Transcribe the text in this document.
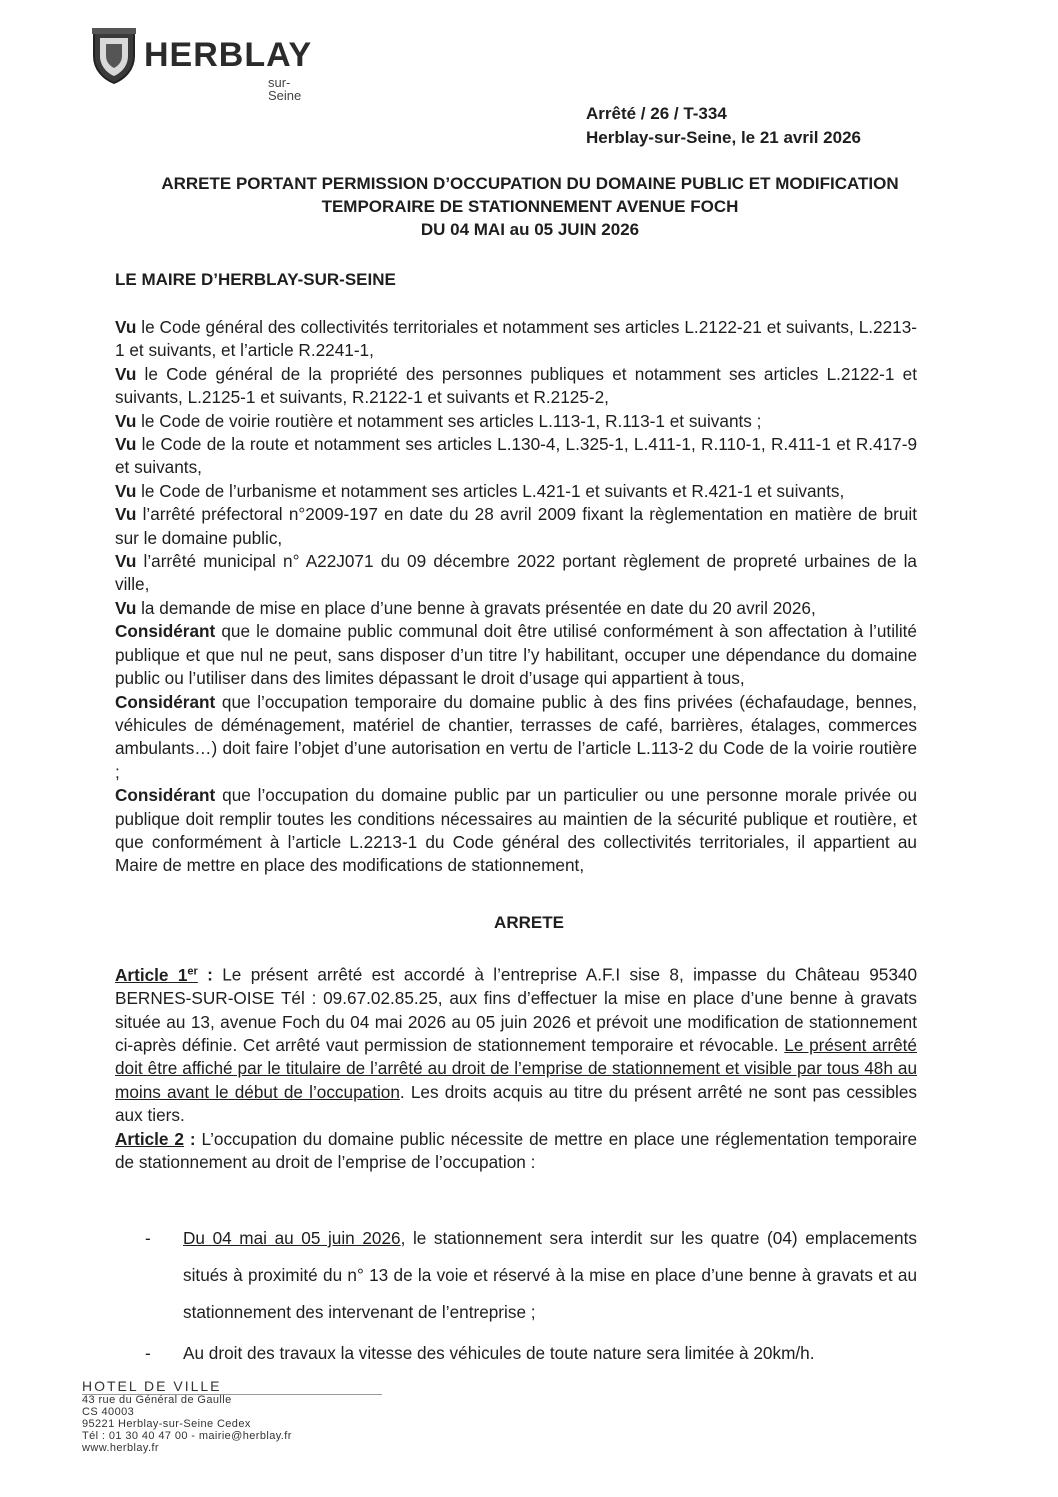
HERBLAY
sur-Seine
Arrêté / 26 / T-334
Herblay-sur-Seine, le 21 avril 2026
ARRETE PORTANT PERMISSION D’OCCUPATION DU DOMAINE PUBLIC ET MODIFICATION
TEMPORAIRE DE STATIONNEMENT AVENUE FOCH
DU 04 MAI au 05 JUIN 2026
LE MAIRE D’HERBLAY-SUR-SEINE

Vu le Code général des collectivités territoriales et notamment ses articles L.2122-21 et suivants, L.2213-1 et suivants, et l’article R.2241-1,

Vu le Code général de la propriété des personnes publiques et notamment ses articles L.2122-1 et suivants, L.2125-1 et suivants, R.2122-1 et suivants et R.2125-2,

Vu le Code de voirie routière et notamment ses articles L.113-1, R.113-1 et suivants ;

Vu le Code de la route et notamment ses articles L.130-4, L.325-1, L.411-1, R.110-1, R.411-1 et R.417-9 et suivants,

Vu le Code de l’urbanisme et notamment ses articles L.421-1 et suivants et R.421-1 et suivants,

Vu l’arrêté préfectoral n°2009-197 en date du 28 avril 2009 fixant la règlementation en matière de bruit sur le domaine public,

Vu l’arrêté municipal n° A22J071 du 09 décembre 2022 portant règlement de propreté urbaines de la ville,

Vu la demande de mise en place d’une benne à gravats présentée en date du 20 avril 2026,

Considérant que le domaine public communal doit être utilisé conformément à son affectation à l’utilité publique et que nul ne peut, sans disposer d’un titre l’y habilitant, occuper une dépendance du domaine public ou l’utiliser dans des limites dépassant le droit d’usage qui appartient à tous,

Considérant que l’occupation temporaire du domaine public à des fins privées (échafaudage, bennes, véhicules de déménagement, matériel de chantier, terrasses de café, barrières, étalages, commerces ambulants…) doit faire l’objet d’une autorisation en vertu de l’article L.113-2 du Code de la voirie routière ;

Considérant que l’occupation du domaine public par un particulier ou une personne morale privée ou publique doit remplir toutes les conditions nécessaires au maintien de la sécurité publique et routière, et que conformément à l’article L.2213-1 du Code général des collectivités territoriales, il appartient au Maire de mettre en place des modifications de stationnement,

ARRETE

Article 1er : Le présent arrêté est accordé à l’entreprise A.F.I sise 8, impasse du Château 95340 BERNES-SUR-OISE Tél : 09.67.02.85.25, aux fins d’effectuer la mise en place d’une benne à gravats située au 13, avenue Foch du 04 mai 2026 au 05 juin 2026 et prévoit une modification de stationnement ci-après définie. Cet arrêté vaut permission de stationnement temporaire et révocable. Le présent arrêté doit être affiché par le titulaire de l’arrêté au droit de l’emprise de stationnement et visible par tous 48h au moins avant le début de l’occupation. Les droits acquis au titre du présent arrêté ne sont pas cessibles aux tiers.

Article 2 : L’occupation du domaine public nécessite de mettre en place une réglementation temporaire de stationnement au droit de l’emprise de l’occupation :

- Du 04 mai au 05 juin 2026, le stationnement sera interdit sur les quatre (04) emplacements situés à proximité du n° 13 de la voie et réservé à la mise en place d’une benne à gravats et au stationnement des intervenant de l’entreprise ;
- Au droit des travaux la vitesse des véhicules de toute nature sera limitée à 20km/h.
HOTEL DE VILLE
43 rue du Général de Gaulle
CS 40003
95221 Herblay-sur-Seine Cedex
Tél : 01 30 40 47 00 - mairie@herblay.fr
www.herblay.fr
